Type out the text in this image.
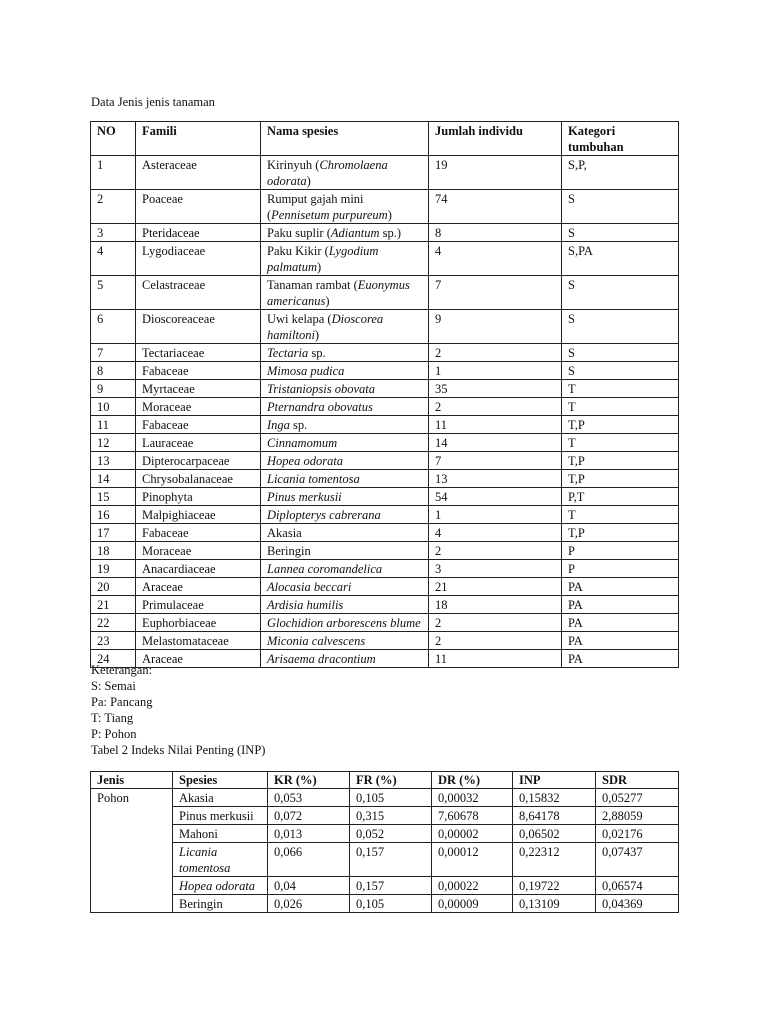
Data Jenis jenis tanaman
NO	Famili	Nama spesies	Jumlah individu	Kategori tumbuhan
1	Asteraceae	Kirinyuh (Chromolaena odorata)	19	S,P,
2	Poaceae	Rumput gajah mini (Pennisetum purpureum)	74	S
3	Pteridaceae	Paku suplir (Adiantum sp.)	8	S
4	Lygodiaceae	Paku Kikir (Lygodium palmatum)	4	S,PA
5	Celastraceae	Tanaman rambat (Euonymus americanus)	7	S
6	Dioscoreaceae	Uwi kelapa (Dioscorea hamiltoni)	9	S
7	Tectariaceae	Tectaria sp.	2	S
8	Fabaceae	Mimosa pudica	1	S
9	Myrtaceae	Tristaniopsis obovata	35	T
10	Moraceae	Pternandra obovatus	2	T
11	Fabaceae	Inga sp.	11	T,P
12	Lauraceae	Cinnamomum	14	T
13	Dipterocarpaceae	Hopea odorata	7	T,P
14	Chrysobalanaceae	Licania tomentosa	13	T,P
15	Pinophyta	Pinus merkusii	54	P,T
16	Malpighiaceae	Diplopterys cabrerana	1	T
17	Fabaceae	Akasia	4	T,P
18	Moraceae	Beringin	2	P
19	Anacardiaceae	Lannea coromandelica	3	P
20	Araceae	Alocasia beccari	21	PA
21	Primulaceae	Ardisia humilis	18	PA
22	Euphorbiaceae	Glochidion arborescens blume	2	PA
23	Melastomataceae	Miconia calvescens	2	PA
24	Araceae	Arisaema dracontium	11	PA
Keterangan:
S: Semai
Pa: Pancang
T: Tiang
P: Pohon
Tabel 2 Indeks Nilai Penting (INP)
Jenis	Spesies	KR (%)	FR (%)	DR (%)	INP	SDR
Pohon	Akasia	0,053	0,105	0,00032	0,15832	0,05277
	Pinus merkusii	0,072	0,315	7,60678	8,64178	2,88059
	Mahoni	0,013	0,052	0,00002	0,06502	0,02176
	Licania tomentosa	0,066	0,157	0,00012	0,22312	0,07437
	Hopea odorata	0,04	0,157	0,00022	0,19722	0,06574
	Beringin	0,026	0,105	0,00009	0,13109	0,04369
